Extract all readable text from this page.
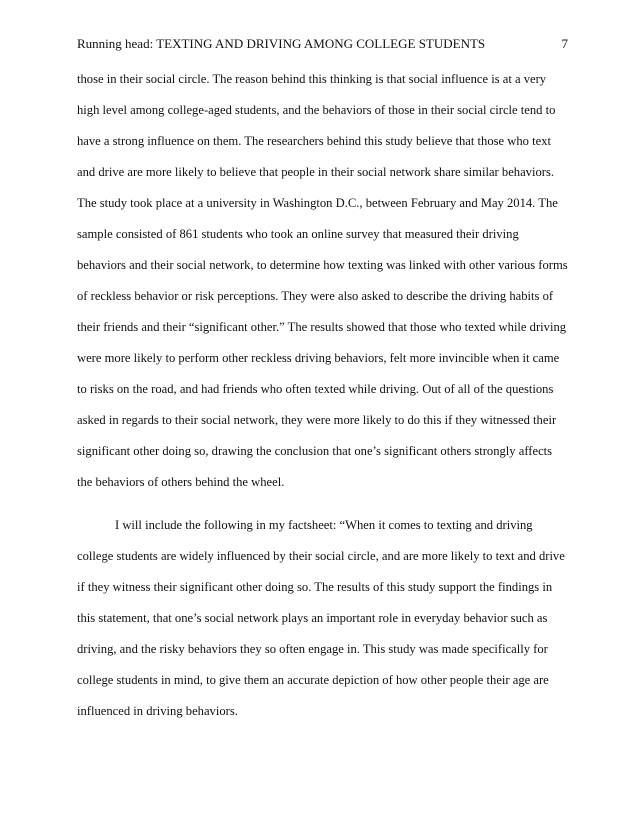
Running head: TEXTING AND DRIVING AMONG COLLEGE STUDENTS	7
those in their social circle. The reason behind this thinking is that social influence is at a very
high level among college-aged students, and the behaviors of those in their social circle tend to
have a strong influence on them. The researchers behind this study believe that those who text
and drive are more likely to believe that people in their social network share similar behaviors.
The study took place at a university in Washington D.C., between February and May 2014. The
sample consisted of 861 students who took an online survey that measured their driving
behaviors and their social network, to determine how texting was linked with other various forms
of reckless behavior or risk perceptions. They were also asked to describe the driving habits of
their friends and their “significant other.” The results showed that those who texted while driving
were more likely to perform other reckless driving behaviors, felt more invincible when it came
to risks on the road, and had friends who often texted while driving. Out of all of the questions
asked in regards to their social network, they were more likely to do this if they witnessed their
significant other doing so, drawing the conclusion that one’s significant others strongly affects
the behaviors of others behind the wheel.
I will include the following in my factsheet: “When it comes to texting and driving
college students are widely influenced by their social circle, and are more likely to text and drive
if they witness their significant other doing so. The results of this study support the findings in
this statement, that one’s social network plays an important role in everyday behavior such as
driving, and the risky behaviors they so often engage in. This study was made specifically for
college students in mind, to give them an accurate depiction of how other people their age are
influenced in driving behaviors.
